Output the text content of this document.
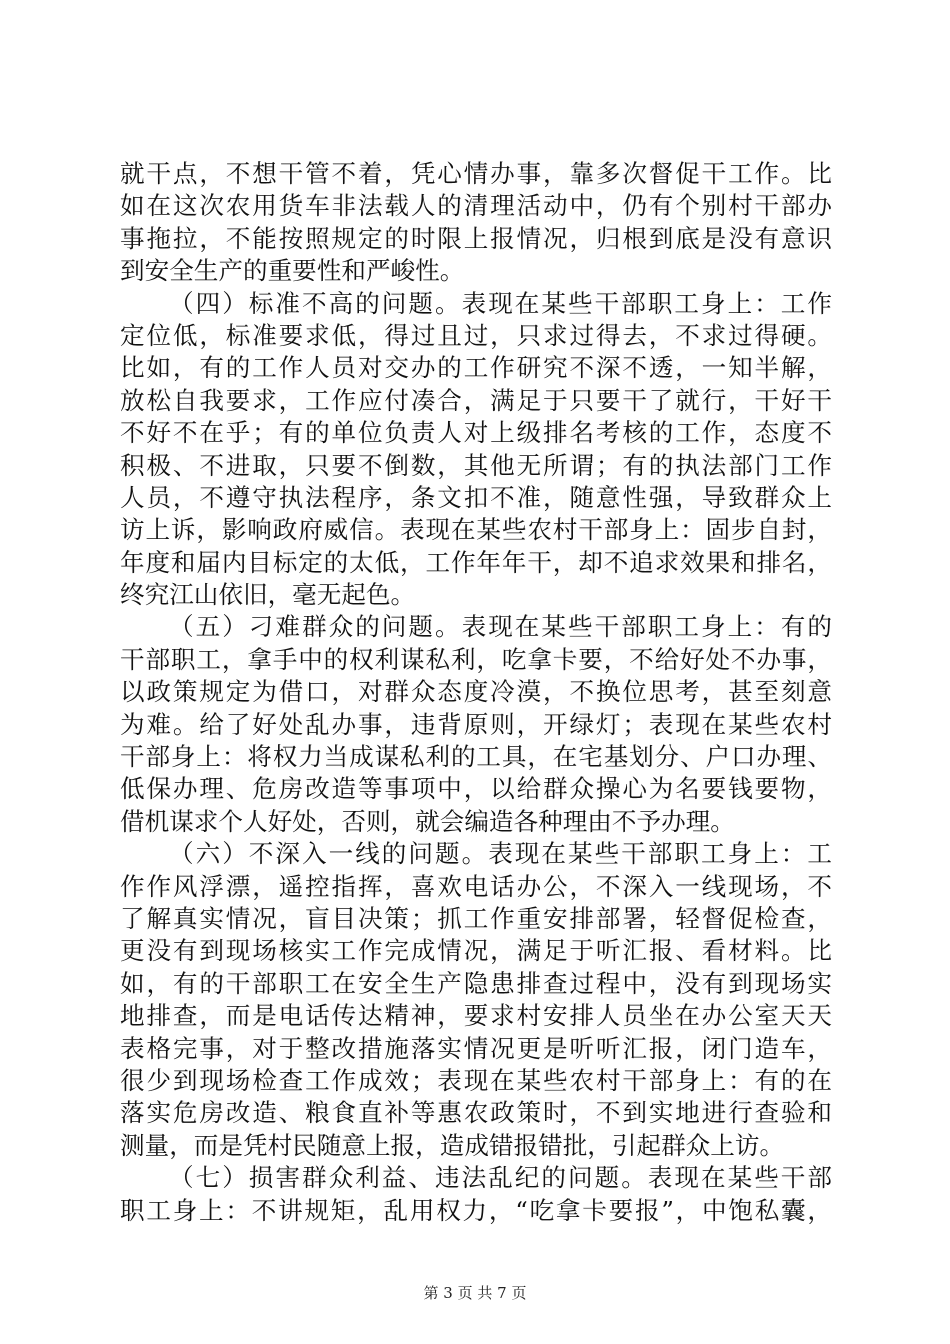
就干点，不想干管不着，凭心情办事，靠多次督促干工作。比
如在这次农用货车非法载人的清理活动中，仍有个别村干部办
事拖拉，不能按照规定的时限上报情况，归根到底是没有意识
到安全生产的重要性和严峻性。
（四）标准不高的问题。表现在某些干部职工身上：工作
定位低，标准要求低，得过且过，只求过得去，不求过得硬。
比如，有的工作人员对交办的工作研究不深不透，一知半解，
放松自我要求，工作应付凑合，满足于只要干了就行，干好干
不好不在乎；有的单位负责人对上级排名考核的工作，态度不
积极、不进取，只要不倒数，其他无所谓；有的执法部门工作
人员，不遵守执法程序，条文扣不准，随意性强，导致群众上
访上诉，影响政府威信。表现在某些农村干部身上：固步自封，
年度和届内目标定的太低，工作年年干，却不追求效果和排名，
终究江山依旧，毫无起色。
（五）刁难群众的问题。表现在某些干部职工身上：有的
干部职工，拿手中的权利谋私利，吃拿卡要，不给好处不办事，
以政策规定为借口，对群众态度冷漠，不换位思考，甚至刻意
为难。给了好处乱办事，违背原则，开绿灯；表现在某些农村
干部身上：将权力当成谋私利的工具，在宅基划分、户口办理、
低保办理、危房改造等事项中，以给群众操心为名要钱要物，
借机谋求个人好处，否则，就会编造各种理由不予办理。
（六）不深入一线的问题。表现在某些干部职工身上：工
作作风浮漂，遥控指挥，喜欢电话办公，不深入一线现场，不
了解真实情况，盲目决策；抓工作重安排部署，轻督促检查，
更没有到现场核实工作完成情况，满足于听汇报、看材料。比
如，有的干部职工在安全生产隐患排查过程中，没有到现场实
地排查，而是电话传达精神，要求村安排人员坐在办公室天天
表格完事，对于整改措施落实情况更是听听汇报，闭门造车，
很少到现场检查工作成效；表现在某些农村干部身上：有的在
落实危房改造、粮食直补等惠农政策时，不到实地进行查验和
测量，而是凭村民随意上报，造成错报错批，引起群众上访。
（七）损害群众利益、违法乱纪的问题。表现在某些干部
职工身上：不讲规矩，乱用权力，“吃拿卡要报”，中饱私囊，
第 3 页 共 7 页
